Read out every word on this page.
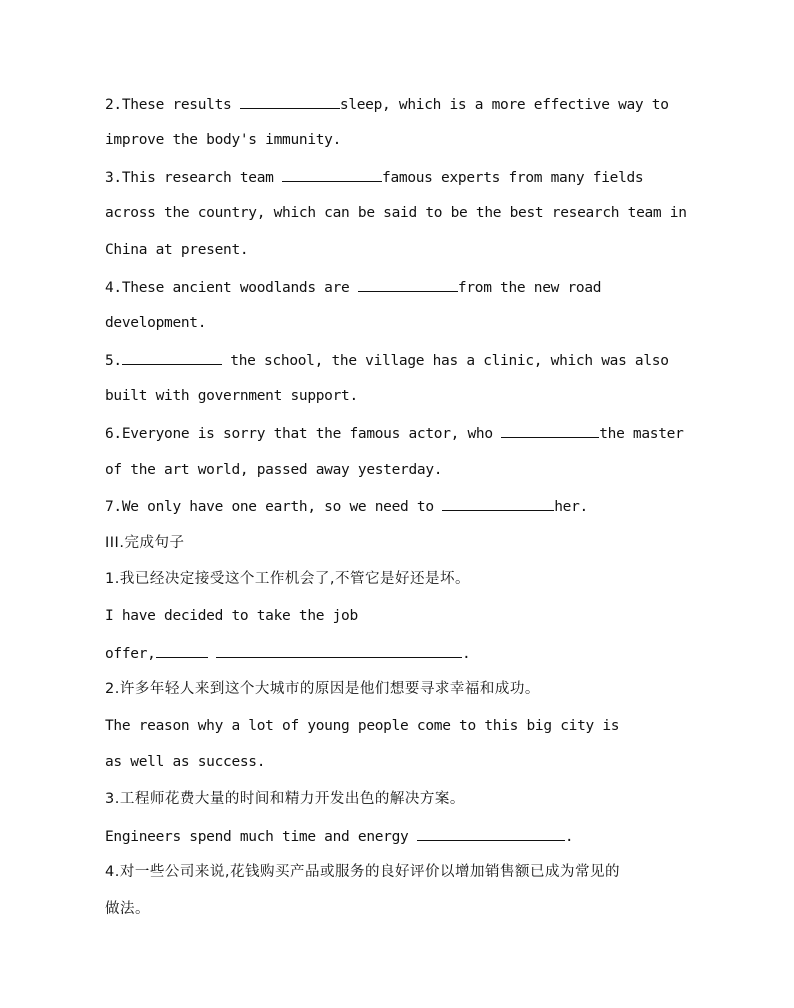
2.These results	sleep, which is a more effective way to
improve the body's immunity.
3.This research team	famous experts from many fields
across the country, which can be said to be the best research team in
China at present.
4.These ancient woodlands are	from the new road
development.
5.	the school, the village has a clinic, which was also
built with government support.
6.Everyone is sorry that the famous actor, who	the master
of the art world, passed away yesterday.
7.We only have one earth, so we need to	her.
III.完成句子
1.我已经决定接受这个工作机会了,不管它是好还是坏。
I have decided to take the job
offer,	.
2.许多年轻人来到这个大城市的原因是他们想要寻求幸福和成功。
The reason why a lot of young people come to this big city is
as well as success.
3.工程师花费大量的时间和精力开发出色的解决方案。
Engineers spend much time and energy	.
4.对一些公司来说,花钱购买产品或服务的良好评价以增加销售额已成为常见的
做法。
